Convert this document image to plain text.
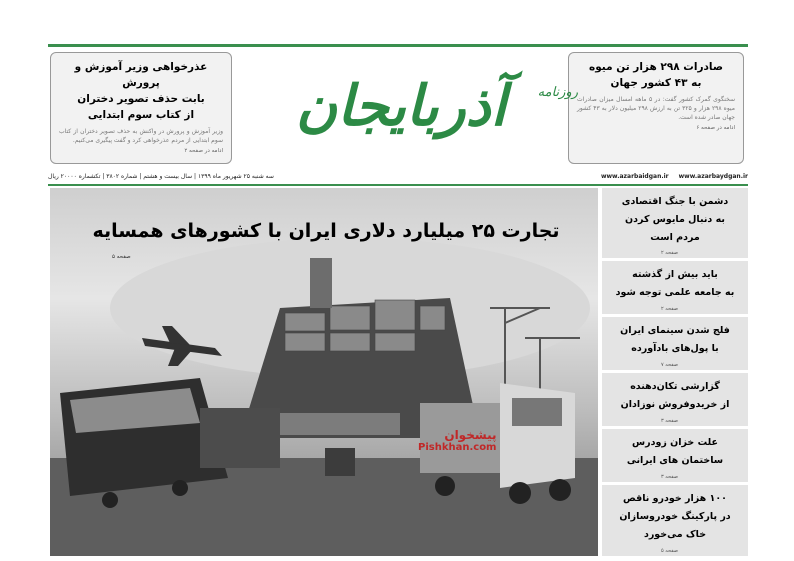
صادرات ۲۹۸ هزار تن میوه
به ۴۳ کشور جهان
سخنگوی گمرک کشور گفت: در ۵ ماهه امسال میزان صادرات میوه ۲۹۸ هزار و ۳۲۵ تن به ارزش ۲۹۸ میلیون دلار به ۴۳ کشور جهان صادر شده است.
ادامه در صفحه ۶
روزنامه
آذربایجان
عذرخواهی وزیر آموزش و پرورش
بابت حذف تصویر دختران
از کتاب سوم ابتدایی
وزیر آموزش و پرورش در واکنش به حذف تصویر دختران از کتاب سوم ابتدایی از مردم عذرخواهی کرد و گفت پیگیری می‌کنیم.
ادامه در صفحه ۲
سه شنبه ۲۵ شهریور ماه ۱۳۹۹ | سال بیست و هشتم | شماره ۳۸۰۲ | تکشماره ۲۰۰۰۰ ریال	www.azarbaidgan.ir www.azarbaydgan.ir
تجارت ۲۵ میلیارد دلاری ایران با کشورهای همسایه
صفحه ۵
پیشخوان
Pishkhan.com
دشمن با جنگ اقتصادی
به دنبال مایوس کردن
مردم است
صفحه ۲
باید بیش از گذشته
به جامعه علمی توجه شود
صفحه ۲
فلج شدن سینمای ایران
با پول‌های بادآورده
صفحه ۷
گزارشی تکان‌دهنده
از خریدوفروش نوزادان
صفحه ۳
علت خزان زودرس
ساختمان های ایرانی
صفحه ۳
۱۰۰ هزار خودرو ناقص
در پارکینگ خودروسازان
خاک می‌خورد
صفحه ۵
